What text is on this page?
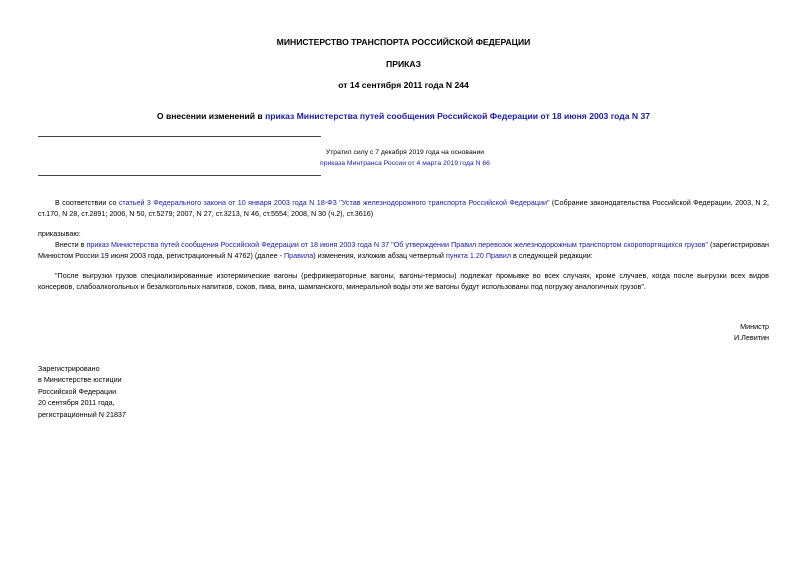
МИНИСТЕРСТВО ТРАНСПОРТА РОССИЙСКОЙ ФЕДЕРАЦИИ

ПРИКАЗ

от 14 сентября 2011 года N 244

О внесении изменений в приказ Министерства путей сообщения Российской Федерации от 18 июня 2003 года N 37

Утратил силу с 7 декабря 2019 года на основании
приказа Минтранса России от 4 марта 2019 года N 66

В соответствии со статьей 3 Федерального закона от 10 января 2003 года N 18-ФЗ "Устав железнодорожного транспорта Российской Федерации" (Собрание законодательства Российской Федерации, 2003, N 2, ст.170, N 28, ст.2891; 2006, N 50, ст.5279; 2007, N 27, ст.3213, N 46, ст.5554; 2008, N 30 (ч.2), ст.3616)

приказываю:

Внести в приказ Министерства путей сообщения Российской Федерации от 18 июня 2003 года N 37 "Об утверждении Правил перевозок железнодорожным транспортом скоропортящихся грузов" (зарегистрирован Минюстом России 19 июня 2003 года, регистрационный N 4762) (далее - Правила) изменения, изложив абзац четвертый пункта 1.20 Правил в следующей редакции:

"После выгрузки грузов специализированные изотермические вагоны (рефрижераторные вагоны, вагоны-термосы) подлежат промывке во всех случаях, кроме случаев, когда после выгрузки всех видов консервов, слабоалкогольных и безалкогольных напитков, соков, пива, вина, шампанского, минеральной воды эти же вагоны будут использованы под погрузку аналогичных грузов".

Министр
И.Левитин
Зарегистрировано
в Министерстве юстиции
Российской Федерации
20 сентября 2011 года,
регистрационный N 21837
